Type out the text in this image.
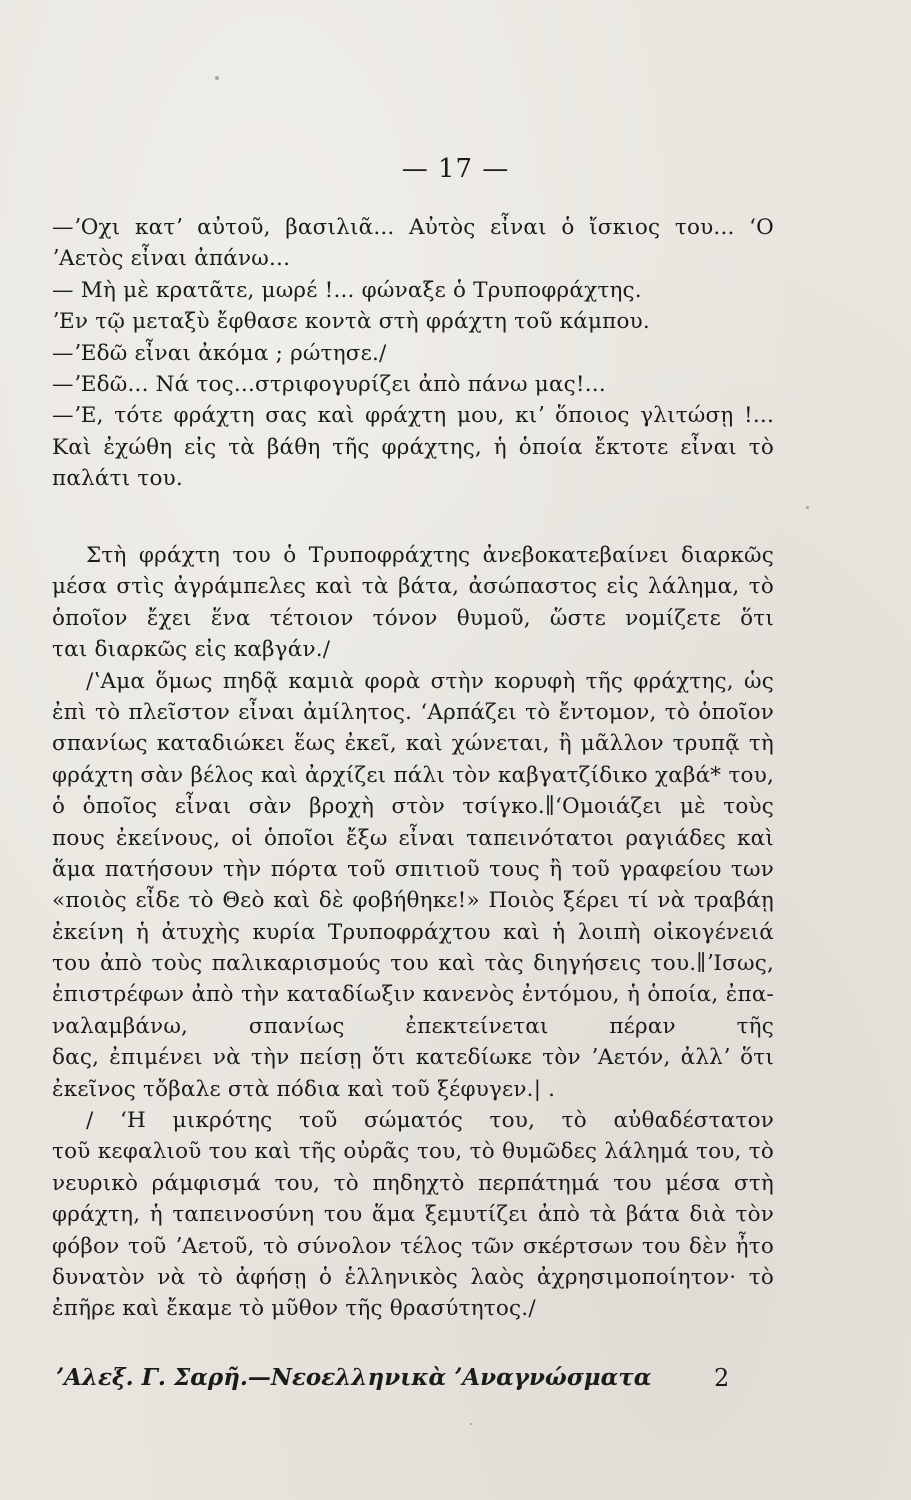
— 17 —
—ʼΟχι κατʼ αὐτοῦ, βασιλιᾶ... Αὐτὸς εἶναι ὁ ἴσκιος του... ʻΟ
ʼΑετὸς εἶναι ἀπάνω...
— Μὴ μὲ κρατᾶτε, μωρέ !... φώναξε ὁ Τρυποφράχτης.
ʼΕν τῷ μεταξὺ ἔφθασε κοντὰ στὴ φράχτη τοῦ κάμπου.
—ʼΕδῶ εἶναι ἀκόμα ; ρώτησε./
—ʼΕδῶ... Νά τος...στριφογυρίζει ἀπὸ πάνω μας!...
—ʼΕ, τότε φράχτη σας καὶ φράχτη μου, κιʼ ὅποιος γλιτώσῃ !...
Καὶ ἐχώθη εἰς τὰ βάθη τῆς φράχτης, ἡ ὁποία ἔκτοτε εἶναι τὸ
παλάτι του.
Στὴ φράχτη του ὁ Τρυποφράχτης ἀνεβοκατεβαίνει διαρκῶς
μέσα στὶς ἀγράμπελες καὶ τὰ βάτα, ἀσώπαστος εἰς λάλημα, τὸ
ὁποῖον ἔχει ἕνα τέτοιον τόνον θυμοῦ, ὥστε νομίζετε ὅτι
ται διαρκῶς εἰς καβγάν./
/ʽΑμα ὅμως πηδᾷ καμιὰ φορὰ στὴν κορυφὴ τῆς φράχτης, ὡς
ἐπὶ τὸ πλεῖστον εἶναι ἀμίλητος. ʻΑρπάζει τὸ ἔντομον, τὸ ὁποῖον
σπανίως καταδιώκει ἕως ἐκεῖ, καὶ χώνεται, ἢ μᾶλλον τρυπᾷ τὴ
φράχτη σὰν βέλος καὶ ἀρχίζει πάλι τὸν καβγατζίδικο χαβά* του,
ὁ ὁποῖος εἶναι σὰν βροχὴ στὸν τσίγκο.∥ʻΟμοιάζει μὲ τοὺς
πους ἐκείνους, οἱ ὁποῖοι ἔξω εἶναι ταπεινότατοι ραγιάδες καὶ
ἅμα πατήσουν τὴν πόρτα τοῦ σπιτιοῦ τους ἢ τοῦ γραφείου των
«ποιὸς εἶδε τὸ Θεὸ καὶ δὲ φοβήθηκε!» Ποιὸς ξέρει τί νὰ τραβάῃ
ἐκείνη ἡ ἀτυχὴς κυρία Τρυποφράχτου καὶ ἡ λοιπὴ οἰκογένειά
του ἀπὸ τοὺς παλικαρισμούς του καὶ τὰς διηγήσεις του.∥ʼΙσως,
ἐπιστρέφων ἀπὸ τὴν καταδίωξιν κανενὸς ἐντόμου, ἡ ὁποία, ἐπα-
ναλαμβάνω, σπανίως ἐπεκτείνεται πέραν τῆς
δας, ἐπιμένει νὰ τὴν πείσῃ ὅτι κατεδίωκε τὸν ʼΑετόν, ἀλλʼ ὅτι
ἐκεῖνος τὄβαλε στὰ πόδια καὶ τοῦ ξέφυγεν.| .
/ ʻΗ μικρότης τοῦ σώματός του, τὸ αὐθαδέστατον
τοῦ κεφαλιοῦ του καὶ τῆς οὐρᾶς του, τὸ θυμῶδες λάλημά του, τὸ
νευρικὸ ράμφισμά του, τὸ πηδηχτὸ περπάτημά του μέσα στὴ
φράχτη, ἡ ταπεινοσύνη του ἅμα ξεμυτίζει ἀπὸ τὰ βάτα διὰ τὸν
φόβον τοῦ ʼΑετοῦ, τὸ σύνολον τέλος τῶν σκέρτσων του δὲν ἦτο
δυνατὸν νὰ τὸ ἀφήσῃ ὁ ἑλληνικὸς λαὸς ἀχρησιμοποίητον· τὸ
ἐπῆρε καὶ ἔκαμε τὸ μῦθον τῆς θρασύτητος./
ʼΑλεξ. Γ. Σαρῆ.—Νεοελληνικὰ ʼΑναγνώσματα	2
